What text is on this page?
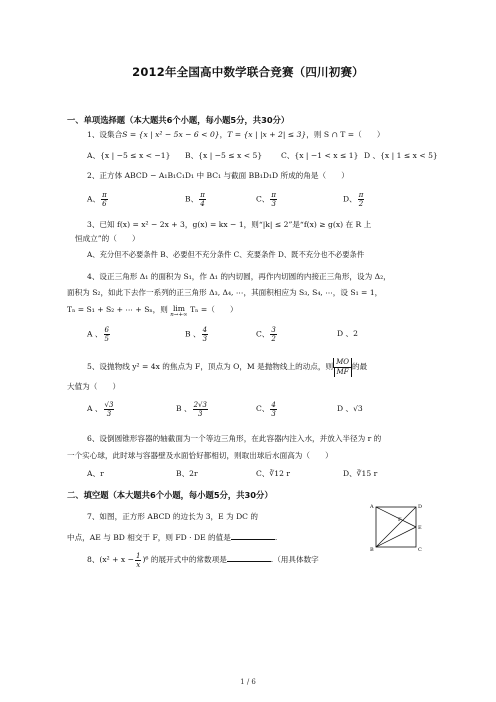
2012年全国高中数学联合竞赛（四川初赛）
一、单项选择题（本大题共6个小题，每小题5分，共30分）
1、设集合S = {x | x² − 5x − 6 < 0}，T = {x | |x + 2| ≤ 3}，则 S ∩ T =（　　）
A、{x | −5 ≤ x < −1} B、{x | −5 ≤ x < 5} C、{x | −1 < x ≤ 1} D 、{x | 1 ≤ x < 5}
2、正方体 ABCD − A₁B₁C₁D₁ 中 BC₁ 与截面 BB₁D₁D 所成的角是（　　）
A、 $\frac{\pi}{6}$	B、 $\frac{\pi}{4}$	C、 $\frac{\pi}{3}$	D、 $\frac{\pi}{2}$
3、已知 f(x) = x² − 2x + 3，g(x) = kx − 1，则“|k| ≤ 2”是“f(x) ≥ g(x) 在 R 上
恒成立”的（　　）
A、充分但不必要条件 B、必要但不充分条件 C、充要条件 D、既不充分也不必要条件
4、设正三角形 Δ₁ 的面积为 S₁，作 Δ₁ 的内切圆，再作内切圆的内接正三角形，设为 Δ₂，
面积为 S₂，如此下去作一系列的正三角形 Δ₃, Δ₄, ⋯，其面积相应为 S₃, S₄, ⋯，设 S₁ = 1，
Tₙ = S₁ + S₂ + ⋯ + Sₙ，则 lim
n→+∞
Tₙ =（　　）
A 、 $\frac{6}{5}$	B 、 $\frac{4}{3}$	C、 $\frac{3}{2}$	D 、2
5、设抛物线 y² = 4x 的焦点为 F，顶点为 O，M 是抛物线上的动点，则 $\frac{MO}{MF}$ 的最
大值为（　　）
A 、 $\frac{√3}{3}$	B 、 $\frac{2√3}{3}$	C、 $\frac{4}{3}$	D 、√3
6、设倒圆锥形容器的轴截面为一个等边三角形，在此容器内注入水，并放入半径为 r 的
一个实心球，此时球与容器壁及水面恰好都相切，则取出球后水面高为（　　）
A、r	B、2r	C、∛12 r	D、∛15 r
二、填空题（本大题共6个小题，每小题5分，共30分）
7、如图，正方形 ABCD 的边长为 3，E 为 DC 的
中点，AE 与 BD 相交于 F，则 FD · DE 的值是	.
8、$(x^2 + x - \frac{1}{x} )^6$ 的展开式中的常数项是	.（用具体数字
A	D
B	C
E
F
1 / 6
